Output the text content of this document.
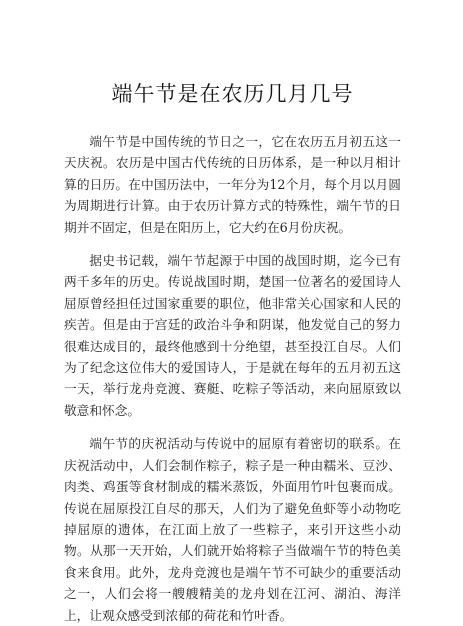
端午节是在农历几月几号

端午节是中国传统的节日之一，它在农历五月初五这一天庆祝。农历是中国古代传统的日历体系，是一种以月相计算的日历。在中国历法中，一年分为12个月，每个月以月圆为周期进行计算。由于农历计算方式的特殊性，端午节的日期并不固定，但是在阳历上，它大约在6月份庆祝。

据史书记载，端午节起源于中国的战国时期，迄今已有两千多年的历史。传说战国时期，楚国一位著名的爱国诗人屈原曾经担任过国家重要的职位，他非常关心国家和人民的疾苦。但是由于宫廷的政治斗争和阴谋，他发觉自己的努力很难达成目的，最终他感到十分绝望，甚至投江自尽。人们为了纪念这位伟大的爱国诗人，于是就在每年的五月初五这一天，举行龙舟竞渡、赛艇、吃粽子等活动，来向屈原致以敬意和怀念。

端午节的庆祝活动与传说中的屈原有着密切的联系。在庆祝活动中，人们会制作粽子，粽子是一种由糯米、豆沙、肉类、鸡蛋等食材制成的糯米蒸饭，外面用竹叶包裹而成。传说在屈原投江自尽的那天，人们为了避免鱼虾等小动物吃掉屈原的遗体，在江面上放了一些粽子，来引开这些小动物。从那一天开始，人们就开始将粽子当做端午节的特色美食来食用。此外，龙舟竞渡也是端午节不可缺少的重要活动之一，人们会将一艘艘精美的龙舟划在江河、湖泊、海洋上，让观众感受到浓郁的荷花和竹叶香。
